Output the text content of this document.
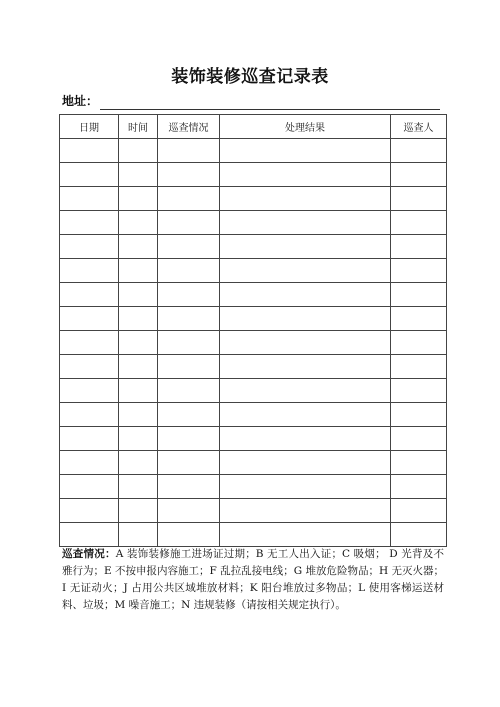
装饰装修巡查记录表
地址：
日期	时间	巡查情况	处理结果	巡查人

巡查情况：A 装饰装修施工进场证过期；B 无工人出入证；C 吸烟； D 光背及不雅行为；E 不按申报内容施工；F 乱拉乱接电线；G 堆放危险物品；H 无灭火器；I 无证动火；J 占用公共区域堆放材料；K 阳台堆放过多物品；L 使用客梯运送材料、垃圾；M 噪音施工；N 违规装修（请按相关规定执行）。
